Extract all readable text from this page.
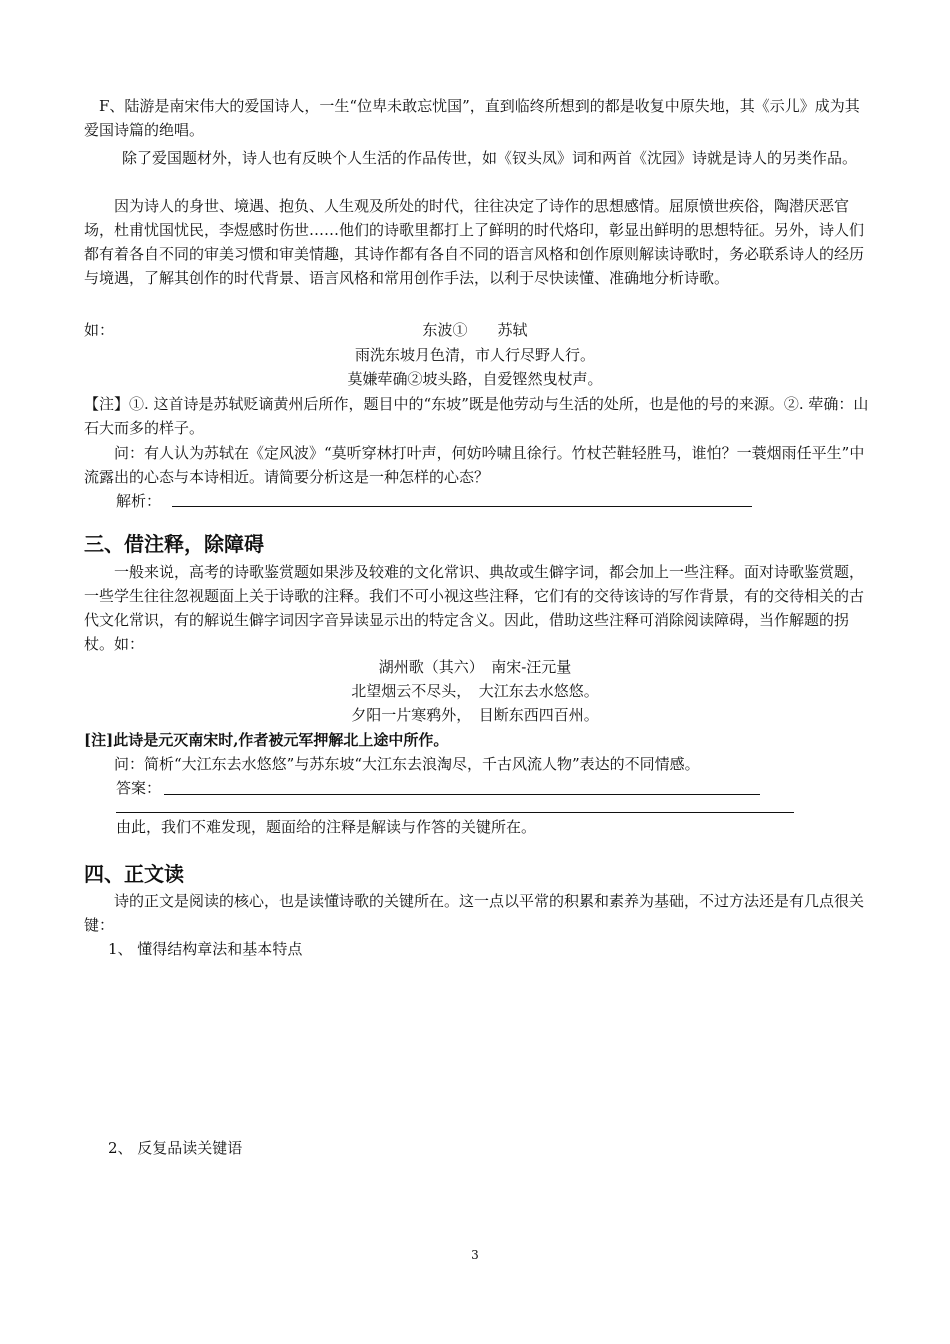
F、陆游是南宋伟大的爱国诗人，一生“位卑未敢忘忧国”，直到临终所想到的都是收复中原失地，其《示儿》成为其爱国诗篇的绝唱。

除了爱国题材外，诗人也有反映个人生活的作品传世，如《钗头凤》词和两首《沈园》诗就是诗人的另类作品。

因为诗人的身世、境遇、抱负、人生观及所处的时代，往往决定了诗作的思想感情。屈原愤世疾俗，陶潜厌恶官场，杜甫忧国忧民，李煜感时伤世……他们的诗歌里都打上了鲜明的时代烙印，彰显出鲜明的思想特征。另外，诗人们都有着各自不同的审美习惯和审美情趣，其诗作都有各自不同的语言风格和创作原则解读诗歌时，务必联系诗人的经历与境遇，了解其创作的时代背景、语言风格和常用创作手法，以利于尽快读懂、准确地分析诗歌。

如：	东波①　　苏轼
雨洗东坡月色清，市人行尽野人行。
莫嫌荦确②坡头路，自爱铿然曳杖声。

【注】①. 这首诗是苏轼贬谪黄州后所作，题目中的“东坡”既是他劳动与生活的处所，也是他的号的来源。②. 荦确：山石大而多的样子。

问：有人认为苏轼在《定风波》“莫听穿林打叶声，何妨吟啸且徐行。竹杖芒鞋轻胜马，谁怕？一蓑烟雨任平生”中流露出的心态与本诗相近。请简要分析这是一种怎样的心态？

解析：
三、借注释，除障碍

一般来说，高考的诗歌鉴赏题如果涉及较难的文化常识、典故或生僻字词，都会加上一些注释。面对诗歌鉴赏题，一些学生往往忽视题面上关于诗歌的注释。我们不可小视这些注释，它们有的交待该诗的写作背景，有的交待相关的古代文化常识，有的解说生僻字词因字音异读显示出的特定含义。因此，借助这些注释可消除阅读障碍，当作解题的拐杖。如：

湖州歌（其六）　南宋-汪元量
北望烟云不尽头，　大江东去水悠悠。
夕阳一片寒鸦外，　目断东西四百州。
[注]此诗是元灭南宋时,作者被元军押解北上途中所作。

问：简析“大江东去水悠悠”与苏东坡“大江东去浪淘尽，千古风流人物”表达的不同情感。

答案：
由此，我们不难发现，题面给的注释是解读与作答的关键所在。
四、正文读

诗的正文是阅读的核心，也是读懂诗歌的关键所在。这一点以平常的积累和素养为基础，不过方法还是有几点很关键：

1、 懂得结构章法和基本特点
2、 反复品读关键语
3
